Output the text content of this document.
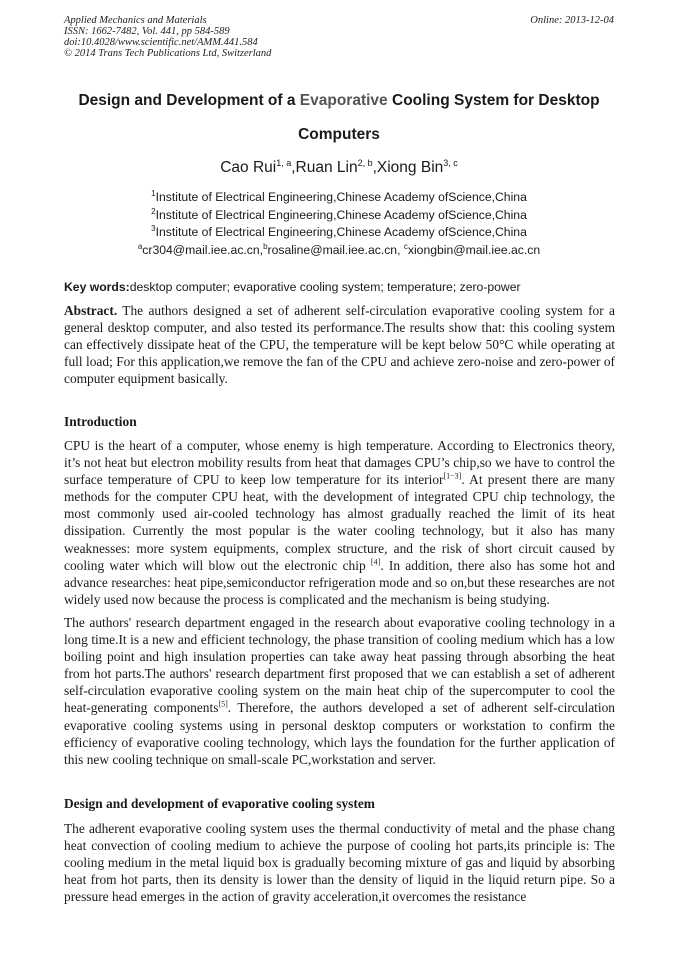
Applied Mechanics and Materials
ISSN: 1662-7482, Vol. 441, pp 584-589
doi:10.4028/www.scientific.net/AMM.441.584
© 2014 Trans Tech Publications Ltd, Switzerland
Online: 2013-12-04
Design and Development of a Evaporative Cooling System for Desktop
Computers
Cao Rui$^{1, a}$,Ruan Lin$^{2, b}$,Xiong Bin$^{3, c}$
$^1$Institute of Electrical Engineering,Chinese Academy ofScience,China
$^2$Institute of Electrical Engineering,Chinese Academy ofScience,China
$^3$Institute of Electrical Engineering,Chinese Academy ofScience,China
$^a$cr304@mail.iee.ac.cn,$^b$rosaline@mail.iee.ac.cn, $^c$xiongbin@mail.iee.ac.cn
Key words:desktop computer; evaporative cooling system; temperature; zero-power
Abstract. The authors designed a set of adherent self-circulation evaporative cooling system for a general desktop computer, and also tested its performance.The results show that: this cooling system can effectively dissipate heat of the CPU, the temperature will be kept below 50°C while operating at full load; For this application,we remove the fan of the CPU and achieve zero-noise and zero-power of computer equipment basically.
Introduction
CPU is the heart of a computer, whose enemy is high temperature. According to Electronics theory, it’s not heat but electron mobility results from heat that damages CPU’s chip,so we have to control the surface temperature of CPU to keep low temperature for its interior[1−3]. At present there are many methods for the computer CPU heat, with the development of integrated CPU chip technology, the most commonly used air-cooled technology has almost gradually reached the limit of its heat dissipation. Currently the most popular is the water cooling technology, but it also has many weaknesses: more system equipments, complex structure, and the risk of short circuit caused by cooling water which will blow out the electronic chip [4]. In addition, there also has some hot and advance researches: heat pipe,semiconductor refrigeration mode and so on,but these researches are not widely used now because the process is complicated and the mechanism is being studying.
The authors' research department engaged in the research about evaporative cooling technology in a long time.It is a new and efficient technology, the phase transition of cooling medium which has a low boiling point and high insulation properties can take away heat passing through absorbing the heat from hot parts.The authors' research department first proposed that we can establish a set of adherent self-circulation evaporative cooling system on the main heat chip of the supercomputer to cool the heat-generating components[5]. Therefore, the authors developed a set of adherent self-circulation evaporative cooling systems using in personal desktop computers or workstation to confirm the efficiency of evaporative cooling technology, which lays the foundation for the further application of this new cooling technique on small-scale PC,workstation and server.
Design and development of evaporative cooling system
The adherent evaporative cooling system uses the thermal conductivity of metal and the phase chang heat convection of cooling medium to achieve the purpose of cooling hot parts,its principle is: The cooling medium in the metal liquid box is gradually becoming mixture of gas and liquid by absorbing heat from hot parts, then its density is lower than the density of liquid in the liquid return pipe. So a pressure head emerges in the action of gravity acceleration,it overcomes the resistance
